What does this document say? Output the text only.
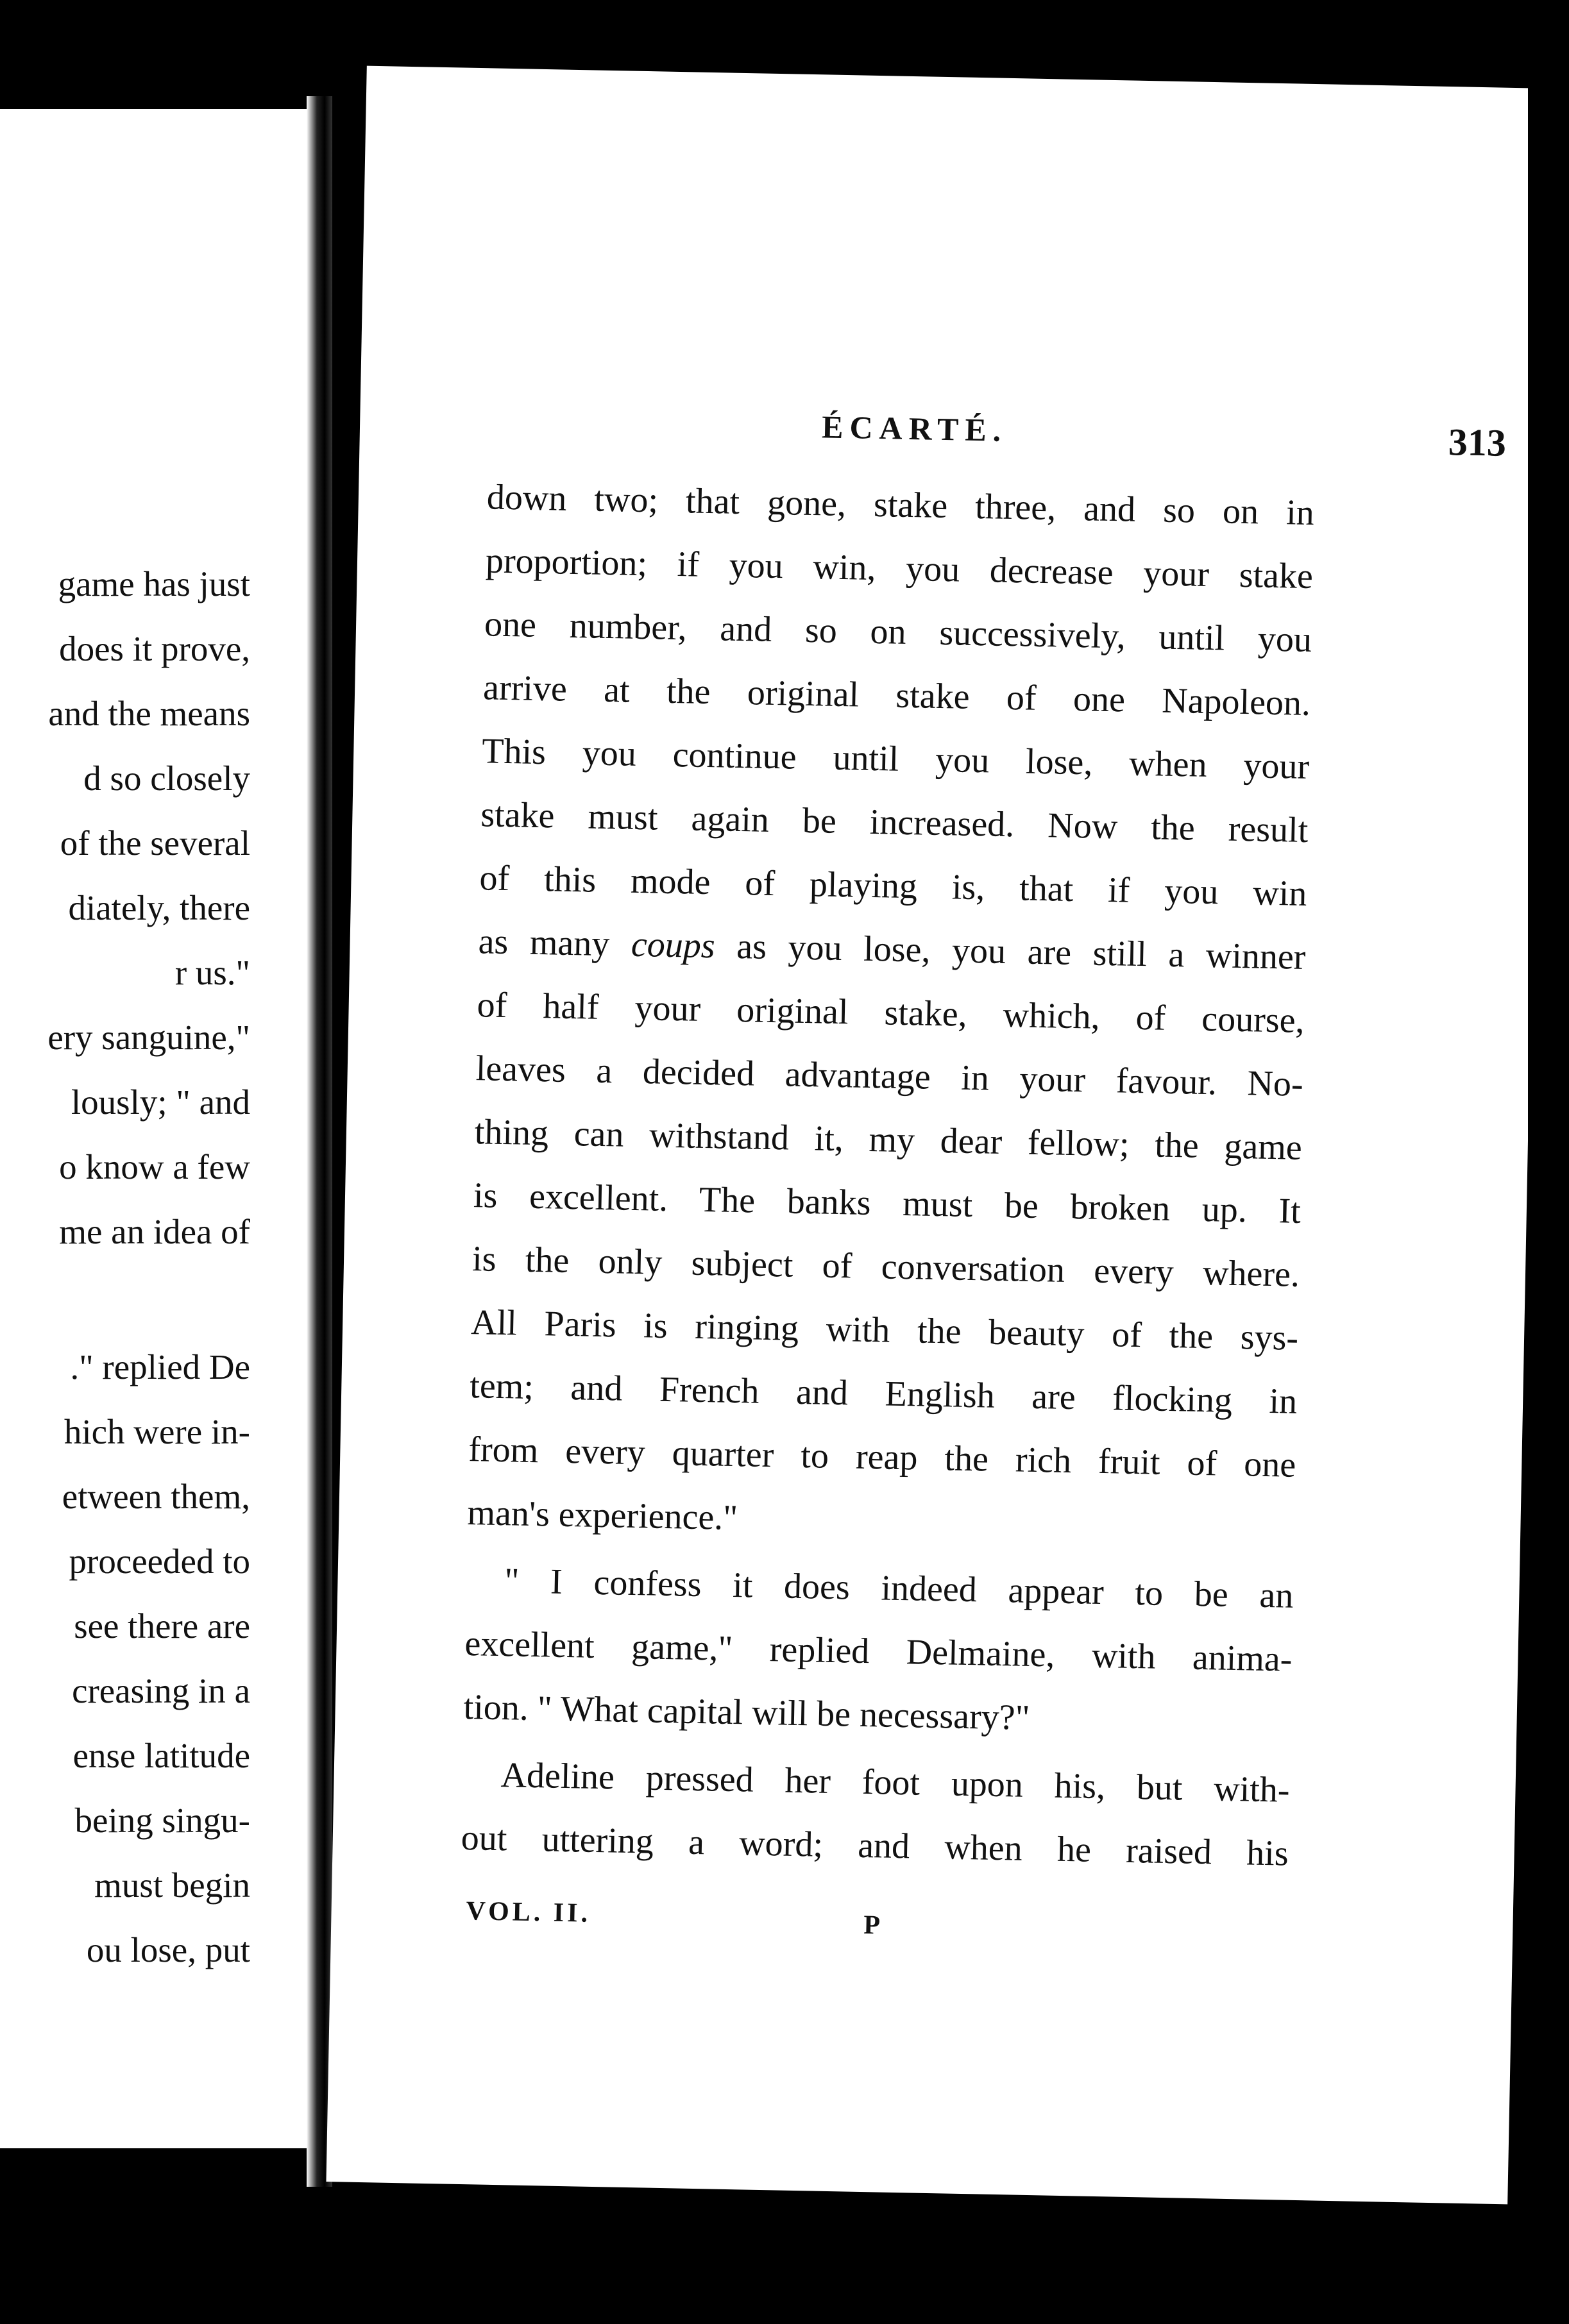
game has just
does it prove,
and the means
d so closely
of the several
diately, there
r us."
ery sanguine,"
lously; " and
o know a few
me an idea of
." replied De
hich were in-
etween them,
proceeded to
see there are
creasing in a
ense latitude
being singu-
must begin
ou lose, put
ÉCARTÉ.	313
down two; that gone, stake three, and so on in
proportion; if you win, you decrease your stake
one number, and so on successively, until you
arrive at the original stake of one Napoleon.
This you continue until you lose, when your
stake must again be increased. Now the result
of this mode of playing is, that if you win
as many coups as you lose, you are still a winner
of half your original stake, which, of course,
leaves a decided advantage in your favour. No-
thing can withstand it, my dear fellow; the game
is excellent. The banks must be broken up. It
is the only subject of conversation every where.
All Paris is ringing with the beauty of the sys-
tem; and French and English are flocking in
from every quarter to reap the rich fruit of one
man's experience."
" I confess it does indeed appear to be an
excellent game," replied Delmaine, with anima-
tion. " What capital will be necessary?"
Adeline pressed her foot upon his, but with-
out uttering a word; and when he raised his
VOL. II.	P
